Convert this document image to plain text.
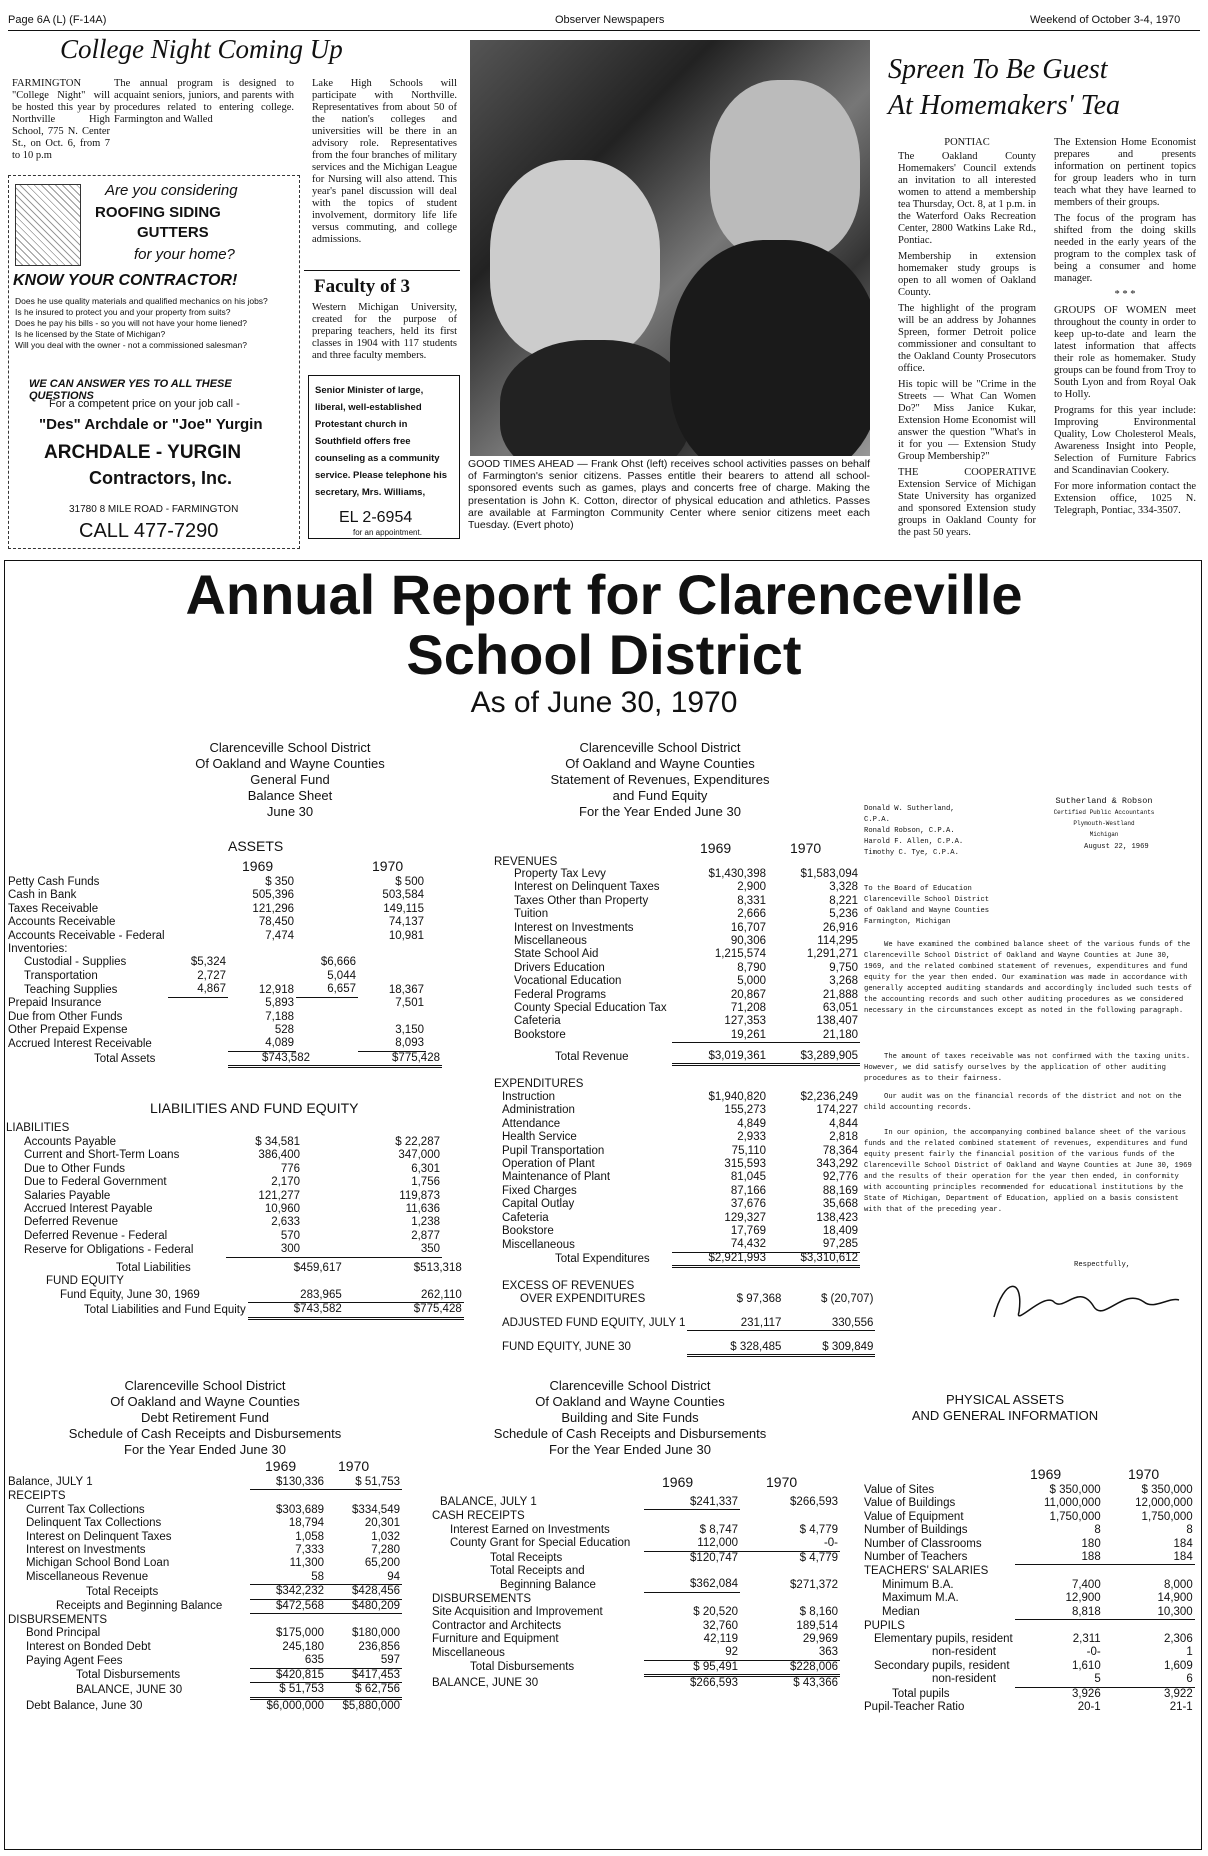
Page 6A (L) (F-14A)	Observer Newspapers	Weekend of October 3-4, 1970
College Night Coming Up
FARMINGTON "College Night" will be hosted this year by Northville High School, 775 N. Center St., on Oct. 6, from 7 to 10 p.m
The annual program is designed to acquaint seniors, juniors, and parents with procedures related to entering college. Farmington and Walled
Lake High Schools will participate with Northville. Representatives from about 50 of the nation's colleges and universities will be there in an advisory role. Representatives from the four branches of military services and the Michigan League for Nursing will also attend. This year's panel discussion will deal with the topics of student involvement, dormitory life life versus commuting, and college admissions.
Are you considering
ROOFING SIDING
GUTTERS
for your home?
KNOW YOUR CONTRACTOR!
Does he use quality materials and qualified mechanics on his jobs?
Is he insured to protect you and your property from suits?
Does he pay his bills - so you will not have your home liened?
Is he licensed by the State of Michigan?
Will you deal with the owner - not a commissioned salesman?
WE CAN ANSWER YES TO ALL THESE QUESTIONS
For a competent price on your job call -
"Des" Archdale or "Joe" Yurgin
ARCHDALE - YURGIN
Contractors, Inc.
31780 8 MILE ROAD - FARMINGTON
CALL 477-7290
Faculty of 3
Western Michigan University, created for the purpose of preparing teachers, held its first classes in 1904 with 117 students and three faculty members.
Senior Minister of large, liberal, well-established Protestant church in Southfield offers free counseling as a community service. Please telephone his secretary, Mrs. Williams,
EL 2-6954
for an appointment.
GOOD TIMES AHEAD — Frank Ohst (left) receives school activities passes on behalf of Farmington's senior citizens. Passes entitle their bearers to attend all school-sponsored events such as games, plays and concerts free of charge. Making the presentation is John K. Cotton, director of physical education and athletics. Passes are available at Farmington Community Center where senior citizens meet each Tuesday. (Evert photo)
Spreen To Be Guest
At Homemakers' Tea

PONTIAC

The Oakland County Homemakers' Council extends an invitation to all interested women to attend a membership tea Thursday, Oct. 8, at 1 p.m. in the Waterford Oaks Recreation Center, 2800 Watkins Lake Rd., Pontiac.

Membership in extension homemaker study groups is open to all women of Oakland County.

The highlight of the program will be an address by Johannes Spreen, former Detroit police commissioner and consultant to the Oakland County Prosecutors office.

His topic will be "Crime in the Streets — What Can Women Do?" Miss Janice Kukar, Extension Home Economist will answer the question "What's in it for you — Extension Study Group Membership?"

THE COOPERATIVE Extension Service of Michigan State University has organized and sponsored Extension study groups in Oakland County for the past 50 years.

The Extension Home Economist prepares and presents information on pertinent topics for group leaders who in turn teach what they have learned to members of their groups.

The focus of the program has shifted from the doing skills needed in the early years of the program to the complex task of being a consumer and home manager.

* * *

GROUPS OF WOMEN meet throughout the county in order to keep up-to-date and learn the latest information that affects their role as homemaker. Study groups can be found from Troy to South Lyon and from Royal Oak to Holly.

Programs for this year include: Improving Environmental Quality, Low Cholesterol Meals, Awareness Insight into People, Selection of Furniture Fabrics and Scandinavian Cookery.

For more information contact the Extension office, 1025 N. Telegraph, Pontiac, 334-3507.

Annual Report for Clarenceville
School District
As of June 30, 1970
Clarenceville School District
Of Oakland and Wayne Counties
General Fund
Balance Sheet
June 30
ASSETS
1969	1970
Petty Cash Funds		$ 350		$ 500
Cash in Bank		505,396		503,584
Taxes Receivable		121,296		149,115
Accounts Receivable		78,450		74,137
Accounts Receivable - Federal		7,474		10,981
Inventories:				
Custodial - Supplies	$5,324		$6,666	
Transportation	2,727		5,044	
Teaching Supplies	4,867	12,918	6,657	18,367
Prepaid Insurance		5,893		7,501
Due from Other Funds		7,188		
Other Prepaid Expense		528		3,150
Accrued Interest Receivable		4,089		8,093
Total Assets	$743,582	$775,428
LIABILITIES AND FUND EQUITY
LIABILITIES
Accounts Payable	$ 34,581	$ 22,287
Current and Short-Term Loans	386,400	347,000
Due to Other Funds	776	6,301
Due to Federal Government	2,170	1,756
Salaries Payable	121,277	119,873
Accrued Interest Payable	10,960	11,636
Deferred Revenue	2,633	1,238
Deferred Revenue - Federal	570	2,877
Reserve for Obligations - Federal	300	350
Total Liabilities	$459,617	$513,318
FUND EQUITY		
Fund Equity, June 30, 1969	283,965	262,110
Total Liabilities and Fund Equity	$743,582	$775,428
Clarenceville School District
Of Oakland and Wayne Counties
Statement of Revenues, Expenditures
and Fund Equity
For the Year Ended June 30
1969	1970
REVENUES
Property Tax Levy	$1,430,398	$1,583,094
Interest on Delinquent Taxes	2,900	3,328
Taxes Other than Property	8,331	8,221
Tuition	2,666	5,236
Interest on Investments	16,707	26,916
Miscellaneous	90,306	114,295
State School Aid	1,215,574	1,291,271
Drivers Education	8,790	9,750
Vocational Education	5,000	3,268
Federal Programs	20,867	21,888
County Special Education Tax	71,208	63,051
Cafeteria	127,353	138,407
Bookstore	19,261	21,180
Total Revenue	$3,019,361	$3,289,905
EXPENDITURES
Instruction	$1,940,820	$2,236,249
Administration	155,273	174,227
Attendance	4,849	4,844
Health Service	2,933	2,818
Pupil Transportation	75,110	78,364
Operation of Plant	315,593	343,292
Maintenance of Plant	81,045	92,776
Fixed Charges	87,166	88,169
Capital Outlay	37,676	35,668
Cafeteria	129,327	138,423
Bookstore	17,769	18,409
Miscellaneous	74,432	97,285
Total Expenditures	$2,921,993	$3,310,612
EXCESS OF REVENUES		
OVER EXPENDITURES	$ 97,368	$ (20,707)

ADJUSTED FUND EQUITY, JULY 1	231,117	330,556

FUND EQUITY, JUNE 30	$ 328,485	$ 309,849
Donald W. Sutherland, C.P.A.
Ronald Robson, C.P.A.
Harold F. Allen, C.P.A.
Timothy C. Tye, C.P.A.
Sutherland & Robson
Certified Public Accountants
Plymouth-Westland
Michigan
August 22, 1969
To the Board of Education
Clarenceville School District
of Oakland and Wayne Counties
Farmington, Michigan
We have examined the combined balance sheet of the various funds of the Clarenceville School District of Oakland and Wayne Counties at June 30, 1969, and the related combined statement of revenues, expenditures and fund equity for the year then ended. Our examination was made in accordance with generally accepted auditing standards and accordingly included such tests of the accounting records and such other auditing procedures as we considered necessary in the circumstances except as noted in the following paragraph.
The amount of taxes receivable was not confirmed with the taxing units. However, we did satisfy ourselves by the application of other auditing procedures as to their fairness.
Our audit was on the financial records of the district and not on the child accounting records.
In our opinion, the accompanying combined balance sheet of the various funds and the related combined statement of revenues, expenditures and fund equity present fairly the financial position of the various funds of the Clarenceville School District of Oakland and Wayne Counties at June 30, 1969 and the results of their operation for the year then ended, in conformity with accounting principles recommended for educational institutions by the State of Michigan, Department of Education, applied on a basis consistent with that of the preceding year.
Respectfully,
Clarenceville School District
Of Oakland and Wayne Counties
Debt Retirement Fund
Schedule of Cash Receipts and Disbursements
For the Year Ended June 30
1969	1970
Balance, JULY 1	$130,336	$ 51,753

RECEIPTS		
Current Tax Collections	$303,689	$334,549
Delinquent Tax Collections	18,794	20,301
Interest on Delinquent Taxes	1,058	1,032
Interest on Investments	7,333	7,280
Michigan School Bond Loan	11,300	65,200
Miscellaneous Revenue	58	94

Total Receipts	$342,232	$428,456

Receipts and Beginning Balance	$472,568	$480,209

DISBURSEMENTS		
Bond Principal	$175,000	$180,000
Interest on Bonded Debt	245,180	236,856
Paying Agent Fees	635	597

Total Disbursements	$420,815	$417,453

BALANCE, JUNE 30	$ 51,753	$ 62,756

Debt Balance, June 30	$6,000,000	$5,880,000
Clarenceville School District
Of Oakland and Wayne Counties
Building and Site Funds
Schedule of Cash Receipts and Disbursements
For the Year Ended June 30
1969	1970
BALANCE, JULY 1	$241,337	$266,593

CASH RECEIPTS		
Interest Earned on Investments	$ 8,747	$ 4,779
County Grant for Special Education	112,000	-0-

Total Receipts	$120,747	$ 4,779

Total Receipts and		
Beginning Balance	$362,084	$271,372

DISBURSEMENTS		
Site Acquisition and Improvement	$ 20,520	$ 8,160
Contractor and Architects	32,760	189,514
Furniture and Equipment	42,119	29,969
Miscellaneous	92	363
Total Disbursements	$ 95,491	$228,006

BALANCE, JUNE 30	$266,593	$ 43,366
PHYSICAL ASSETS
AND GENERAL INFORMATION
1969	1970
Value of Sites	$ 350,000	$ 350,000
Value of Buildings	11,000,000	12,000,000
Value of Equipment	1,750,000	1,750,000
Number of Buildings	8	8
Number of Classrooms	180	184
Number of Teachers	188	184

TEACHERS' SALARIES		
Minimum B.A.	7,400	8,000
Maximum M.A.	12,900	14,900
Median	8,818	10,300
PUPILS		
Elementary pupils, resident	2,311	2,306
non-resident	-0-	1
Secondary pupils, resident	1,610	1,609
non-resident	5	6

Total pupils	3,926	3,922

Pupil-Teacher Ratio	20-1	21-1
